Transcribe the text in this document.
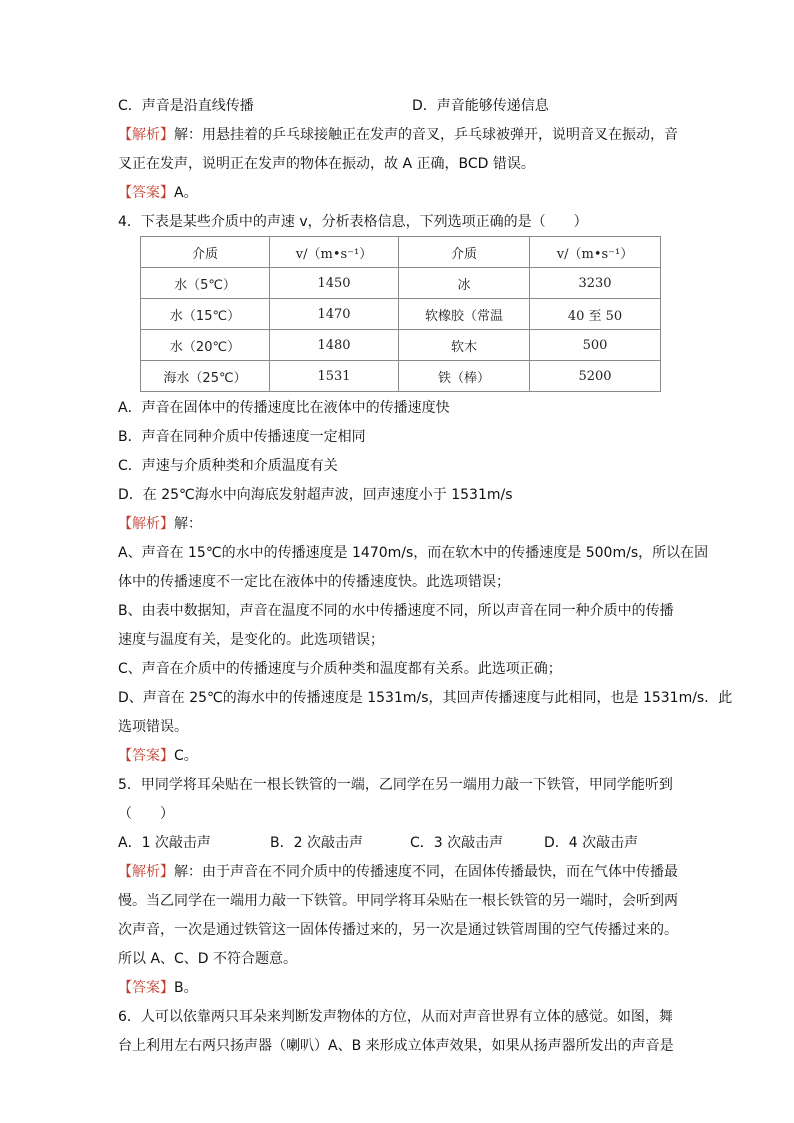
C．声音是沿直线传播	D．声音能够传递信息
【解析】解：用悬挂着的乒乓球接触正在发声的音叉，乒乓球被弹开，说明音叉在振动，音
叉正在发声，说明正在发声的物体在振动，故 A 正确，BCD 错误。
【答案】A。
4．下表是某些介质中的声速 v，分析表格信息，下列选项正确的是（　　）
介质	v/（m•s⁻¹）	介质	v/（m•s⁻¹）
水（5℃）	1450	冰	3230
水（15℃）	1470	软橡胶（常温	40 至 50
水（20℃）	1480	软木	500
海水（25℃）	1531	铁（棒）	5200
A．声音在固体中的传播速度比在液体中的传播速度快
B．声音在同种介质中传播速度一定相同
C．声速与介质种类和介质温度有关
D．在 25℃海水中向海底发射超声波，回声速度小于 1531m/s
【解析】解：
A、声音在 15℃的水中的传播速度是 1470m/s，而在软木中的传播速度是 500m/s，所以在固
体中的传播速度不一定比在液体中的传播速度快。此选项错误；
B、由表中数据知，声音在温度不同的水中传播速度不同，所以声音在同一种介质中的传播
速度与温度有关，是变化的。此选项错误；
C、声音在介质中的传播速度与介质种类和温度都有关系。此选项正确；
D、声音在 25℃的海水中的传播速度是 1531m/s，其回声传播速度与此相同，也是 1531m/s．此
选项错误。
【答案】C。
5．甲同学将耳朵贴在一根长铁管的一端，乙同学在另一端用力敲一下铁管，甲同学能听到
（　　）
A．1 次敲击声	B．2 次敲击声	C．3 次敲击声	D．4 次敲击声
【解析】解：由于声音在不同介质中的传播速度不同，在固体传播最快，而在气体中传播最
慢。当乙同学在一端用力敲一下铁管。甲同学将耳朵贴在一根长铁管的另一端时，会听到两
次声音，一次是通过铁管这一固体传播过来的，另一次是通过铁管周围的空气传播过来的。
所以 A、C、D 不符合题意。
【答案】B。
6．人可以依靠两只耳朵来判断发声物体的方位，从而对声音世界有立体的感觉。如图，舞
台上利用左右两只扬声器（喇叭）A、B 来形成立体声效果，如果从扬声器所发出的声音是
